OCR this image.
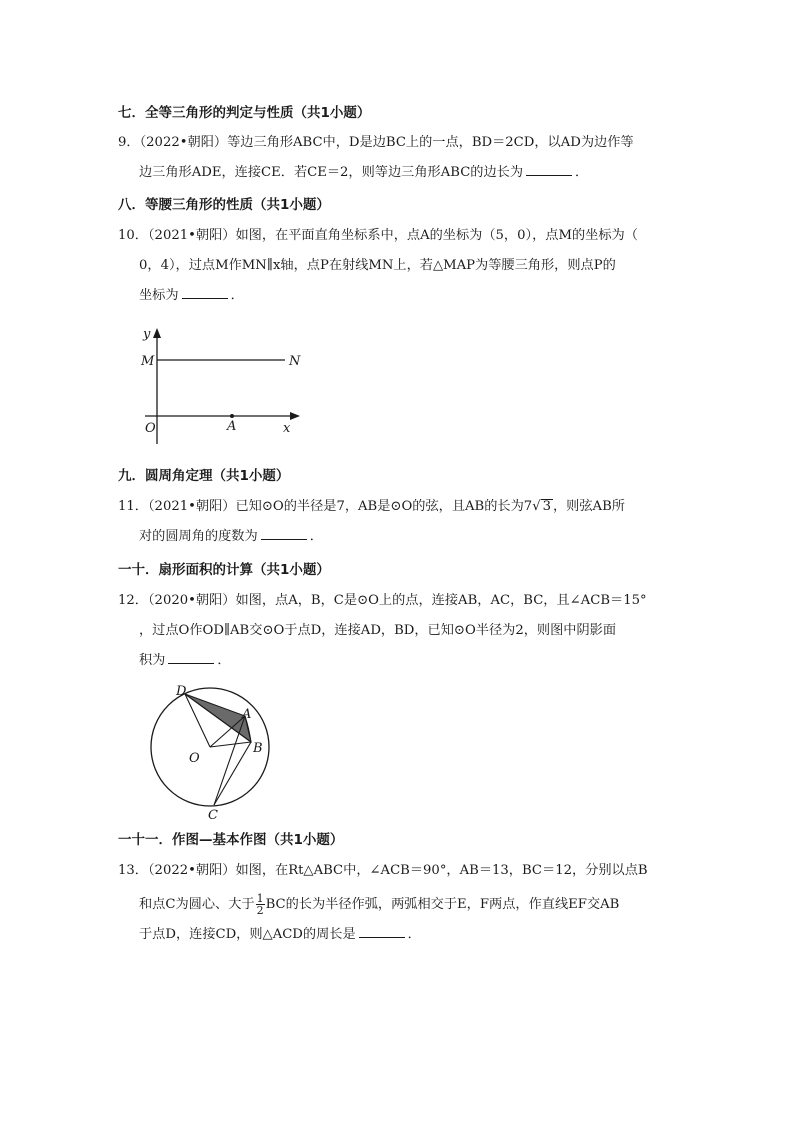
七．全等三角形的判定与性质（共1小题）
9．（2022•朝阳）等边三角形ABC中，D是边BC上的一点，BD＝2CD，以AD为边作等
边三角形ADE，连接CE．若CE＝2，则等边三角形ABC的边长为	．
八．等腰三角形的性质（共1小题）
10．（2021•朝阳）如图，在平面直角坐标系中，点A的坐标为（5，0），点M的坐标为（
0，4），过点M作MN∥x轴，点P在射线MN上，若△MAP为等腰三角形，则点P的
坐标为	．
y
M	N
O	A	x
九．圆周角定理（共1小题）
11．（2021•朝阳）已知⊙O的半径是7，AB是⊙O的弦，且AB的长为7√ 3 ，则弦AB所
对的圆周角的度数为	．
一十．扇形面积的计算（共1小题）
12．（2020•朝阳）如图，点A，B，C是⊙O上的点，连接AB，AC，BC，且∠ACB＝15°
，过点O作OD∥AB交⊙O于点D，连接AD，BD，已知⊙O半径为2，则图中阴影面
积为	．
D
A
B
O
C
一十一．作图—基本作图（共1小题）
13．（2022•朝阳）如图，在Rt△ABC中，∠ACB＝90°，AB＝13，BC＝12，分别以点B
和点C为圆心、大于 $\frac{1}{2}$ BC的长为半径作弧，两弧相交于E，F两点，作直线EF交AB
于点D，连接CD，则△ACD的周长是	．
